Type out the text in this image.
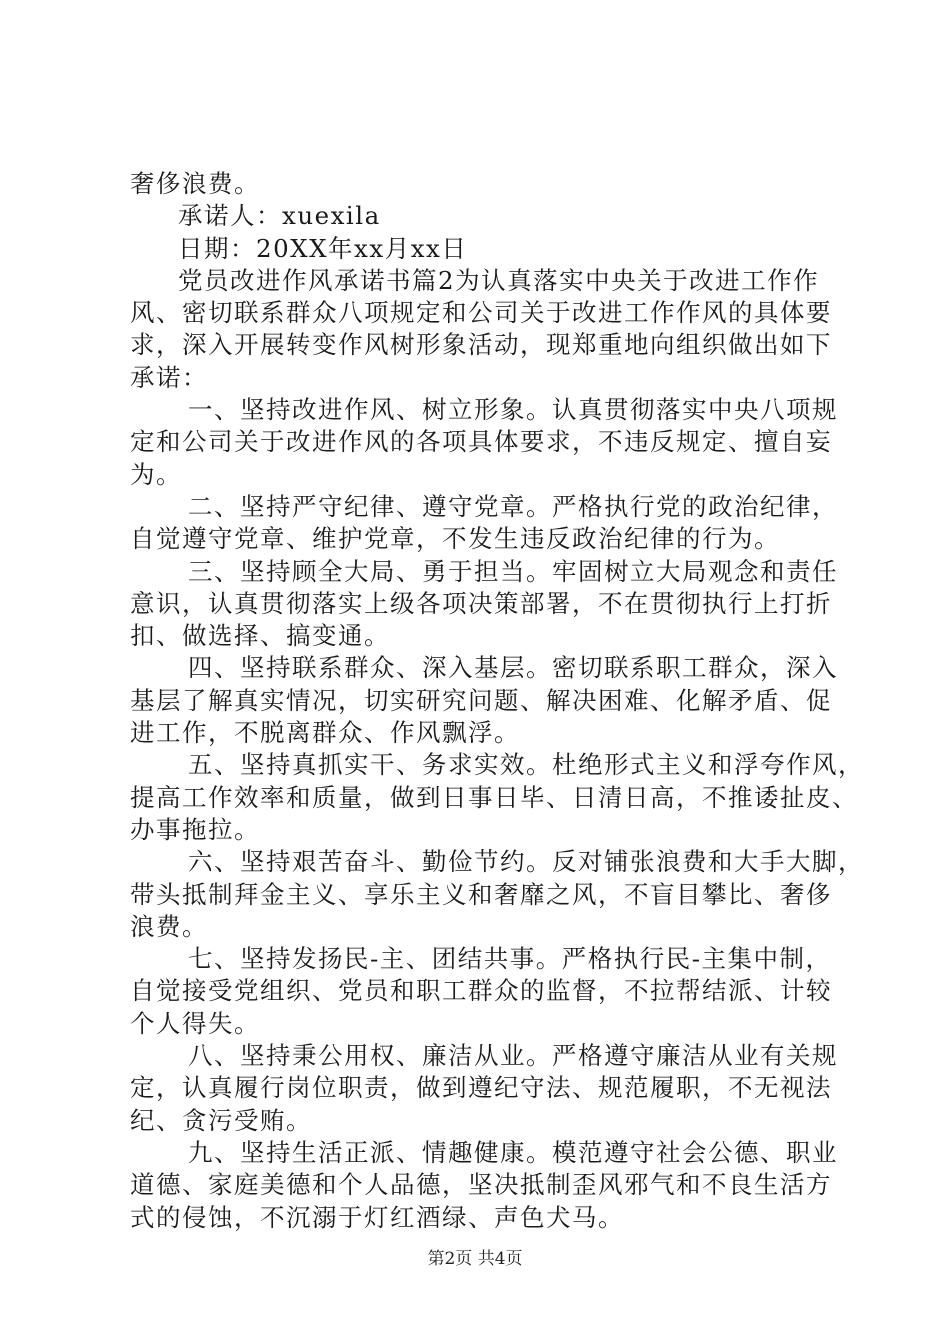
奢侈浪费。
承诺人：xuexila
日期：20XX年xx月xx日
党员改进作风承诺书篇2为认真落实中央关于改进工作作
风、密切联系群众八项规定和公司关于改进工作作风的具体要
求，深入开展转变作风树形象活动，现郑重地向组织做出如下
承诺：
一、坚持改进作风、树立形象。认真贯彻落实中央八项规
定和公司关于改进作风的各项具体要求，不违反规定、擅自妄
为。
二、坚持严守纪律、遵守党章。严格执行党的政治纪律，
自觉遵守党章、维护党章，不发生违反政治纪律的行为。
三、坚持顾全大局、勇于担当。牢固树立大局观念和责任
意识，认真贯彻落实上级各项决策部署，不在贯彻执行上打折
扣、做选择、搞变通。
四、坚持联系群众、深入基层。密切联系职工群众，深入
基层了解真实情况，切实研究问题、解决困难、化解矛盾、促
进工作，不脱离群众、作风飘浮。
五、坚持真抓实干、务求实效。杜绝形式主义和浮夸作风，
提高工作效率和质量，做到日事日毕、日清日高，不推诿扯皮、
办事拖拉。
六、坚持艰苦奋斗、勤俭节约。反对铺张浪费和大手大脚，
带头抵制拜金主义、享乐主义和奢靡之风，不盲目攀比、奢侈
浪费。
七、坚持发扬民-主、团结共事。严格执行民-主集中制，
自觉接受党组织、党员和职工群众的监督，不拉帮结派、计较
个人得失。
八、坚持秉公用权、廉洁从业。严格遵守廉洁从业有关规
定，认真履行岗位职责，做到遵纪守法、规范履职，不无视法
纪、贪污受贿。
九、坚持生活正派、情趣健康。模范遵守社会公德、职业
道德、家庭美德和个人品德，坚决抵制歪风邪气和不良生活方
式的侵蚀，不沉溺于灯红酒绿、声色犬马。
第2页 共4页
